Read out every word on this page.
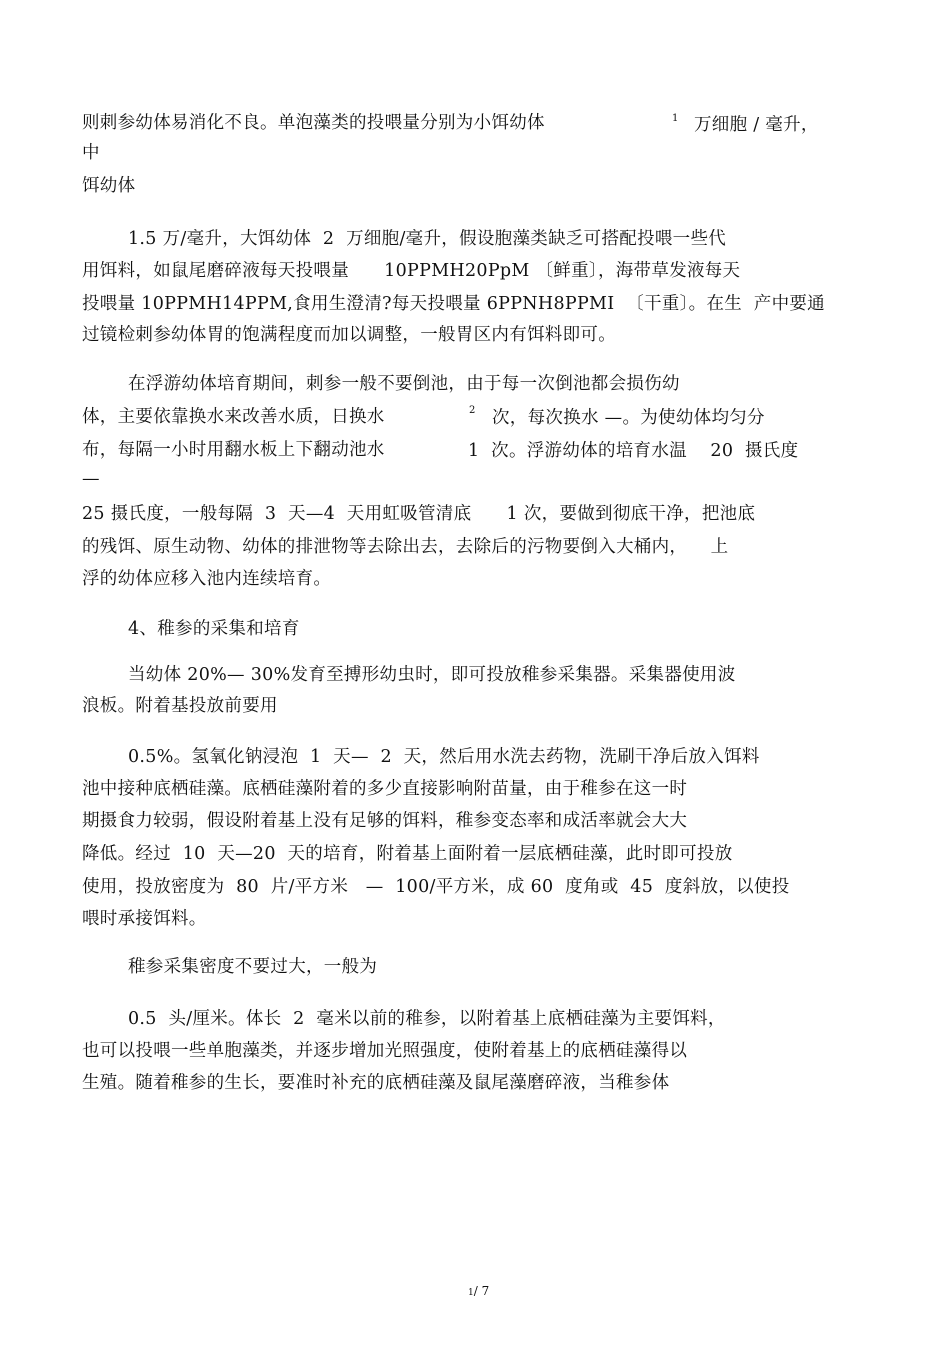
则刺参幼体易消化不良。单泡藻类的投喂量分别为小饵幼体	1 万细胞 / 毫升，
中
饵幼体
1.5 万/毫升，大饵幼体  2  万细胞/毫升，假设胞藻类缺乏可搭配投喂一些代
用饵料，如鼠尾磨碎液每天投喂量      10PPMH20PpM 〔鲜重〕，海带草发液每天
投喂量 10PPMH14PPM,食用生澄清?每天投喂量 6PPNH8PPMI  〔干重〕。在生  产中要通
过镜检刺参幼体胃的饱满程度而加以调整，一般胃区内有饵料即可。
在浮游幼体培育期间，刺参一般不要倒池，由于每一次倒池都会损伤幼
体，主要依靠换水来改善水质，日换水	2 次，每次换水 —。为使幼体均匀分
布，每隔一小时用翻水板上下翻动池水	1  次。浮游幼体的培育水温    20  摄氏度
—
25 摄氏度，一般每隔  3  天—4  天用虹吸管清底      1 次，要做到彻底干净，把池底
的残饵、原生动物、幼体的排泄物等去除出去，去除后的污物要倒入大桶内，    上
浮的幼体应移入池内连续培育。
4、稚参的采集和培育
当幼体 20%— 30%发育至搏形幼虫时，即可投放稚参采集器。采集器使用波
浪板。附着基投放前要用
0.5%。氢氧化钠浸泡  1  天—  2  天，然后用水洗去药物，洗刷干净后放入饵料
池中接种底栖硅藻。底栖硅藻附着的多少直接影响附苗量，由于稚参在这一时
期摄食力较弱，假设附着基上没有足够的饵料，稚参变态率和成活率就会大大
降低。经过  10  天—20  天的培育，附着基上面附着一层底栖硅藻，此时即可投放
使用，投放密度为  80  片/平方米   —  100/平方米，成 60  度角或  45  度斜放，以使投
喂时承接饵料。
稚参采集密度不要过大，一般为
0.5  头/厘米。体长  2  毫米以前的稚参，以附着基上底栖硅藻为主要饵料，
也可以投喂一些单胞藻类，并逐步增加光照强度，使附着基上的底栖硅藻得以
生殖。随着稚参的生长，要准时补充的底栖硅藻及鼠尾藻磨碎液，当稚参体
1/ 7
